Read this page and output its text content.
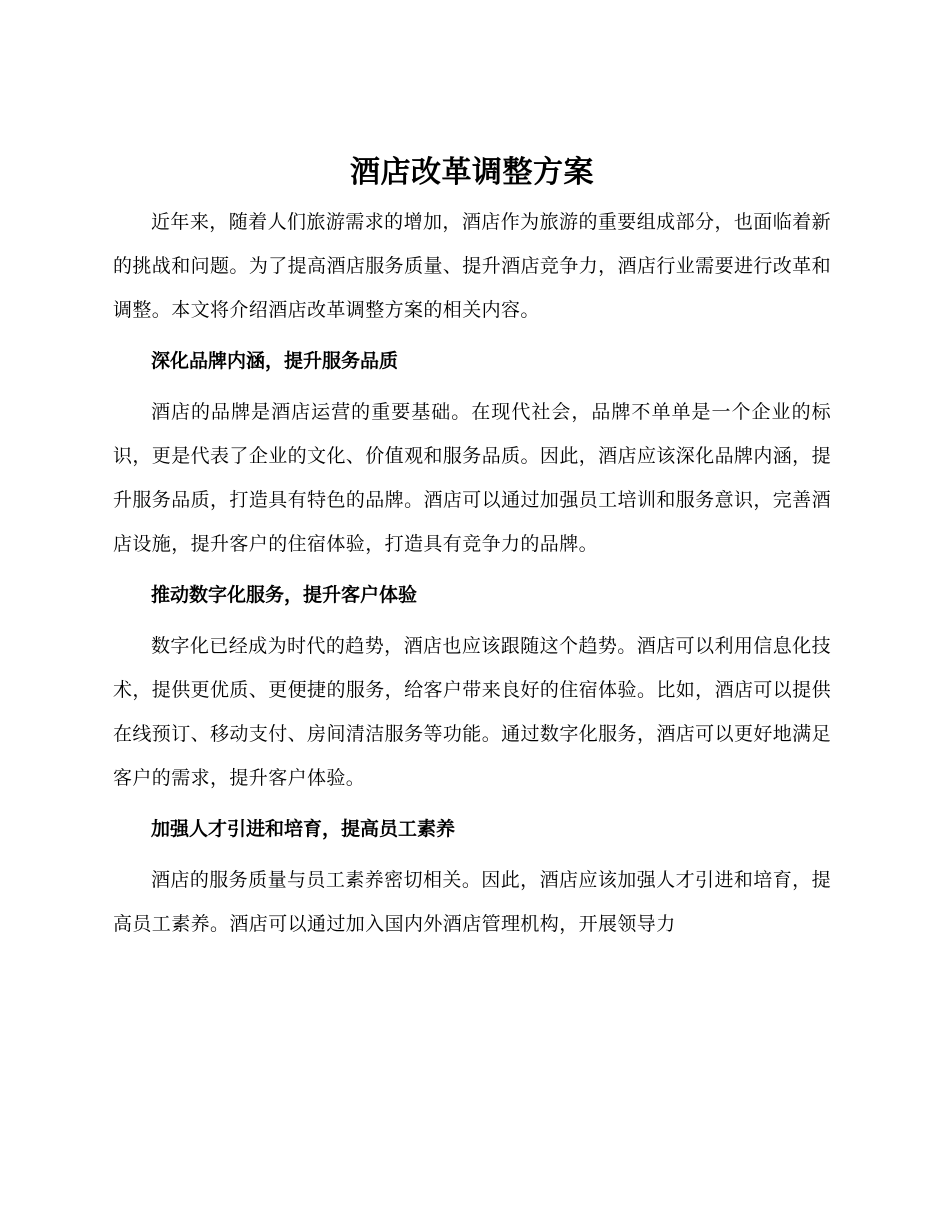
酒店改革调整方案

近年来，随着人们旅游需求的增加，酒店作为旅游的重要组成部分，也面临着新的挑战和问题。为了提高酒店服务质量、提升酒店竞争力，酒店行业需要进行改革和调整。本文将介绍酒店改革调整方案的相关内容。

深化品牌内涵，提升服务品质

酒店的品牌是酒店运营的重要基础。在现代社会，品牌不单单是一个企业的标识，更是代表了企业的文化、价值观和服务品质。因此，酒店应该深化品牌内涵，提升服务品质，打造具有特色的品牌。酒店可以通过加强员工培训和服务意识，完善酒店设施，提升客户的住宿体验，打造具有竞争力的品牌。

推动数字化服务，提升客户体验

数字化已经成为时代的趋势，酒店也应该跟随这个趋势。酒店可以利用信息化技术，提供更优质、更便捷的服务，给客户带来良好的住宿体验。比如，酒店可以提供在线预订、移动支付、房间清洁服务等功能。通过数字化服务，酒店可以更好地满足客户的需求，提升客户体验。

加强人才引进和培育，提高员工素养

酒店的服务质量与员工素养密切相关。因此，酒店应该加强人才引进和培育，提高员工素养。酒店可以通过加入国内外酒店管理机构，开展领导力
